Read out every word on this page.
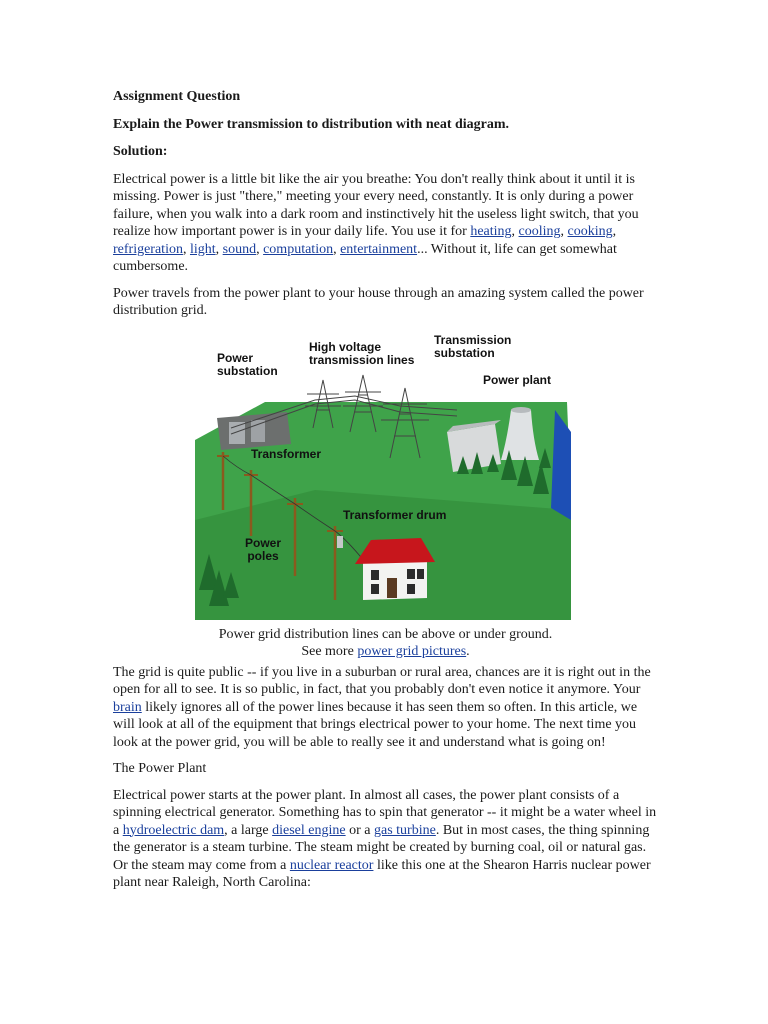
Assignment Question
Explain the Power transmission to distribution with neat diagram.
Solution:

Electrical power is a little bit like the air you breathe: You don't really think about it until it is missing. Power is just "there," meeting your every need, constantly. It is only during a power failure, when you walk into a dark room and instinctively hit the useless light switch, that you realize how important power is in your daily life. You use it for heating, cooling, cooking, refrigeration, light, sound, computation, entertainment... Without it, life can get somewhat cumbersome.

Power travels from the power plant to your house through an amazing system called the power distribution grid.

Power
substation
High voltage
transmission lines
Transmission
substation
Power plant
Transformer
Transformer drum
Power
poles
Power grid distribution lines can be above or under ground.
See more power grid pictures.

The grid is quite public -- if you live in a suburban or rural area, chances are it is right out in the open for all to see. It is so public, in fact, that you probably don't even notice it anymore. Your brain likely ignores all of the power lines because it has seen them so often. In this article, we will look at all of the equipment that brings electrical power to your home. The next time you look at the power grid, you will be able to really see it and understand what is going on!

The Power Plant

Electrical power starts at the power plant. In almost all cases, the power plant consists of a spinning electrical generator. Something has to spin that generator -- it might be a water wheel in a hydroelectric dam, a large diesel engine or a gas turbine. But in most cases, the thing spinning the generator is a steam turbine. The steam might be created by burning coal, oil or natural gas. Or the steam may come from a nuclear reactor like this one at the Shearon Harris nuclear power plant near Raleigh, North Carolina:
